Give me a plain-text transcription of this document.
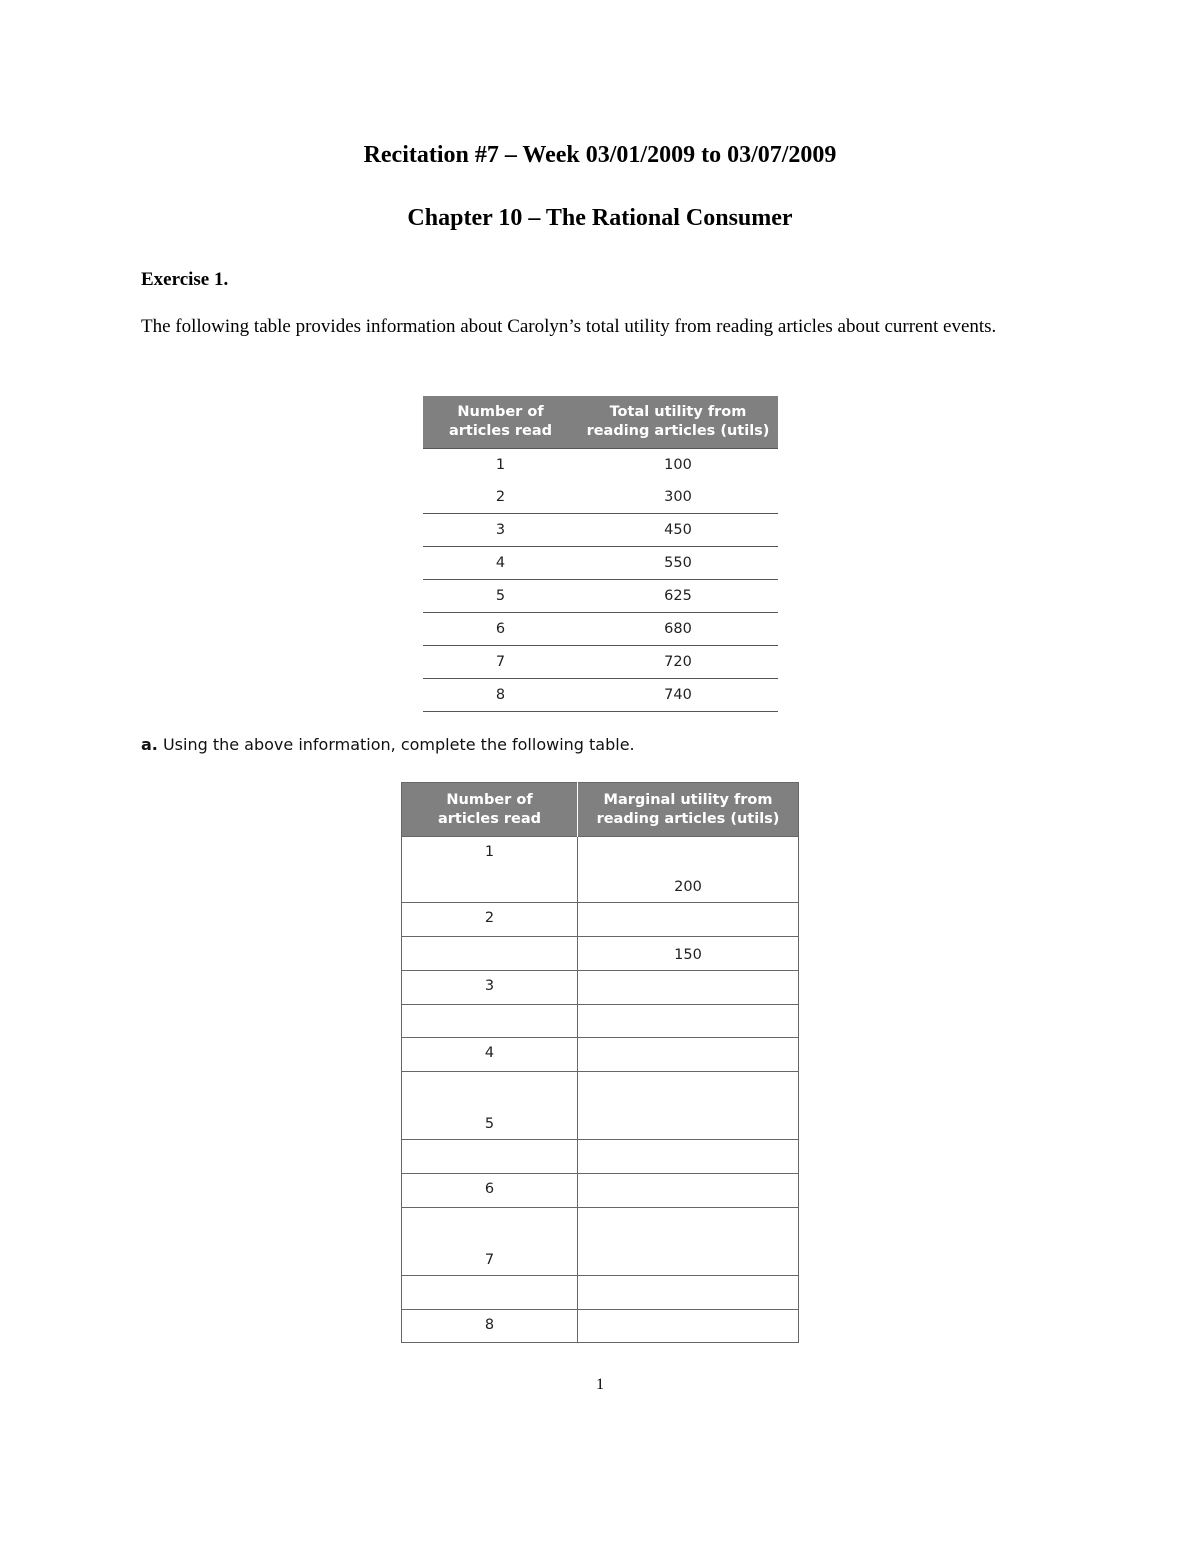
Recitation #7 – Week 03/01/2009 to 03/07/2009
Chapter 10 – The Rational Consumer
Exercise 1.
The following table provides information about Carolyn’s total utility from reading articles about current events.
Number of
articles read	Total utility from
reading articles (utils)
1	100
2	300
3	450
4	550
5	625
6	680
7	720
8	740
a. Using the above information, complete the following table.
Number of
articles read	Marginal utility from
reading articles (utils)
1	200
2	
	150
3	

4	
5	

6	
7	

8	
1
